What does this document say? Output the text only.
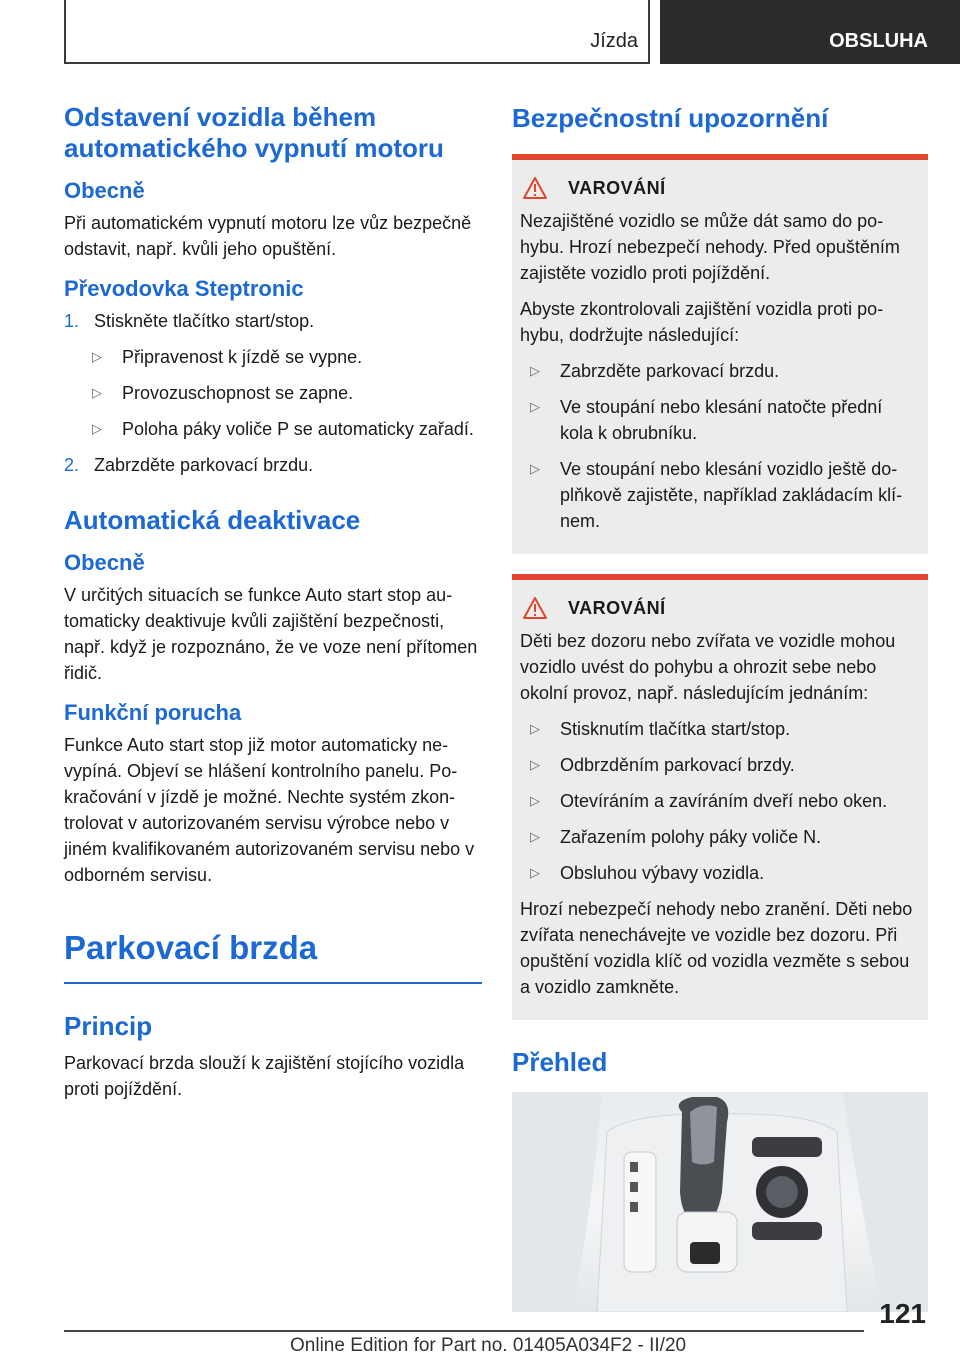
Jízda	OBSLUHA
Odstavení vozidla během automatického vypnutí motoru
Obecně

Při automatickém vypnutí motoru lze vůz bezpečně odstavit, např. kvůli jeho opuštění.

Převodovka Steptronic
1. Stiskněte tlačítko start/stop.
▷	Připravenost k jízdě se vypne.
▷	Provozuschopnost se zapne.
▷	Poloha páky voliče P se automaticky zařadí.
2. Zabrzděte parkovací brzdu.
Automatická deaktivace
Obecně

V určitých situacích se funkce Auto start stop automaticky deaktivuje kvůli zajištění bezpečnosti, např. když je rozpoznáno, že ve voze není přítomen řidič.

Funkční porucha

Funkce Auto start stop již motor automaticky nevypíná. Objeví se hlášení kontrolního panelu. Pokračování v jízdě je možné. Nechte systém zkontrolovat v autorizovaném servisu výrobce nebo v jiném kvalifikovaném autorizovaném servisu nebo v odborném servisu.

Parkovací brzda
Princip

Parkovací brzda slouží k zajištění stojícího vozidla proti pojíždění.

Bezpečnostní upozornění
VAROVÁNÍ

Nezajištěné vozidlo se může dát samo do pohybu. Hrozí nebezpečí nehody. Před opuštěním zajistěte vozidlo proti pojíždění.

Abyste zkontrolovali zajištění vozidla proti pohybu, dodržujte následující:

▷	Zabrzděte parkovací brzdu.
▷	Ve stoupání nebo klesání natočte přední kola k obrubníku.
▷	Ve stoupání nebo klesání vozidlo ještě doplňkově zajistěte, například zakládacím klínem.
VAROVÁNÍ

Děti bez dozoru nebo zvířata ve vozidle mohou vozidlo uvést do pohybu a ohrozit sebe nebo okolní provoz, např. následujícím jednáním:

▷	Stisknutím tlačítka start/stop.
▷	Odbrzděním parkovací brzdy.
▷	Otevíráním a zavíráním dveří nebo oken.
▷	Zařazením polohy páky voliče N.
▷	Obsluhou výbavy vozidla.

Hrozí nebezpečí nehody nebo zranění. Děti nebo zvířata nenechávejte ve vozidle bez dozoru. Při opuštění vozidla klíč od vozidla vezměte s sebou a vozidlo zamkněte.

Přehled
121
Online Edition for Part no. 01405A034F2 - II/20
